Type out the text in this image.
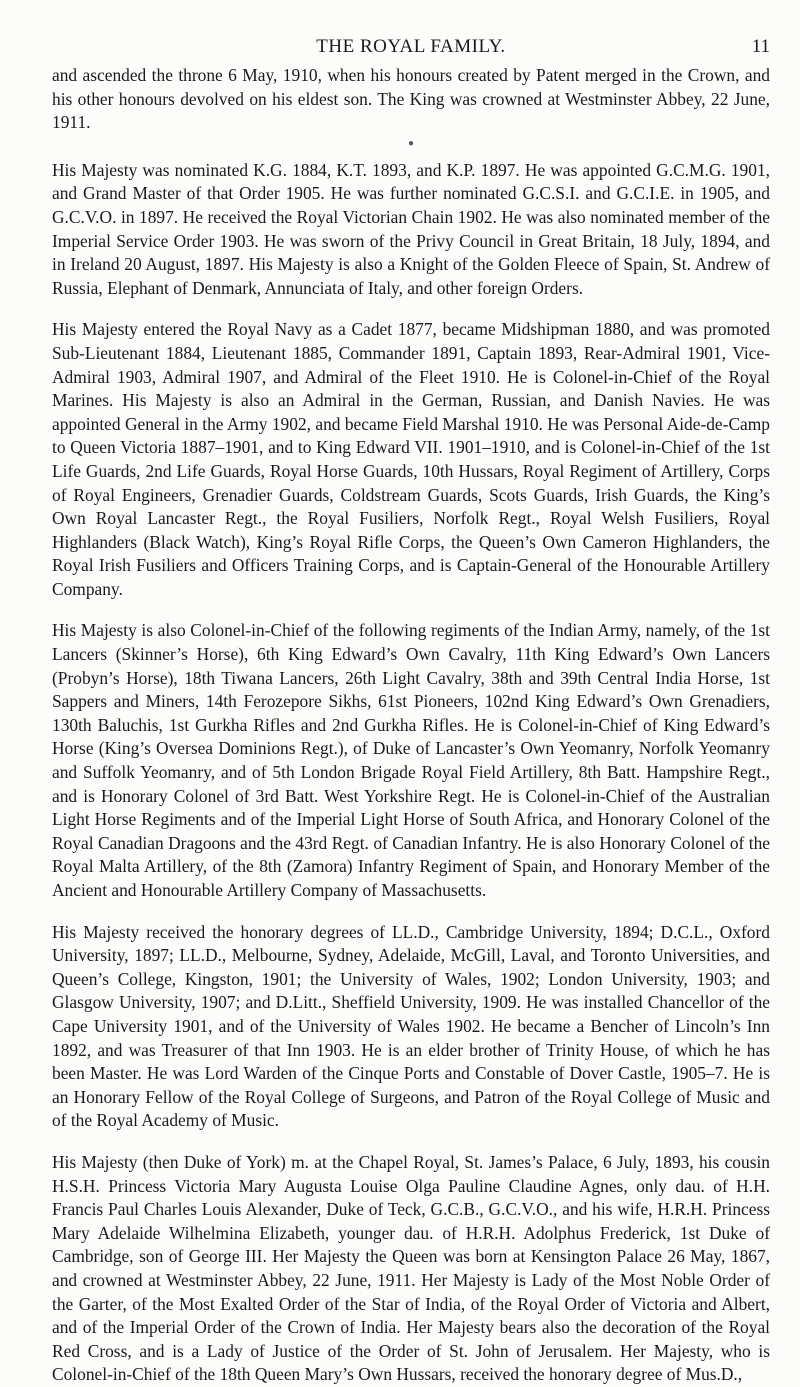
THE ROYAL FAMILY.	11

and ascended the throne 6 May, 1910, when his honours created by Patent merged in the Crown, and his other honours devolved on his eldest son. The King was crowned at Westminster Abbey, 22 June, 1911.

●

His Majesty was nominated K.G. 1884, K.T. 1893, and K.P. 1897. He was appointed G.C.M.G. 1901, and Grand Master of that Order 1905. He was further nominated G.C.S.I. and G.C.I.E. in 1905, and G.C.V.O. in 1897. He received the Royal Victorian Chain 1902. He was also nominated member of the Imperial Service Order 1903. He was sworn of the Privy Council in Great Britain, 18 July, 1894, and in Ireland 20 August, 1897. His Majesty is also a Knight of the Golden Fleece of Spain, St. Andrew of Russia, Elephant of Denmark, Annunciata of Italy, and other foreign Orders.

His Majesty entered the Royal Navy as a Cadet 1877, became Midshipman 1880, and was promoted Sub-Lieutenant 1884, Lieutenant 1885, Commander 1891, Captain 1893, Rear-Admiral 1901, Vice-Admiral 1903, Admiral 1907, and Admiral of the Fleet 1910. He is Colonel-in-Chief of the Royal Marines. His Majesty is also an Admiral in the German, Russian, and Danish Navies. He was appointed General in the Army 1902, and became Field Marshal 1910. He was Personal Aide-de-Camp to Queen Victoria 1887–1901, and to King Edward VII. 1901–1910, and is Colonel-in-Chief of the 1st Life Guards, 2nd Life Guards, Royal Horse Guards, 10th Hussars, Royal Regiment of Artillery, Corps of Royal Engineers, Grenadier Guards, Coldstream Guards, Scots Guards, Irish Guards, the King’s Own Royal Lancaster Regt., the Royal Fusiliers, Norfolk Regt., Royal Welsh Fusiliers, Royal Highlanders (Black Watch), King’s Royal Rifle Corps, the Queen’s Own Cameron Highlanders, the Royal Irish Fusiliers and Officers Training Corps, and is Captain-General of the Honourable Artillery Company.

His Majesty is also Colonel-in-Chief of the following regiments of the Indian Army, namely, of the 1st Lancers (Skinner’s Horse), 6th King Edward’s Own Cavalry, 11th King Edward’s Own Lancers (Probyn’s Horse), 18th Tiwana Lancers, 26th Light Cavalry, 38th and 39th Central India Horse, 1st Sappers and Miners, 14th Ferozepore Sikhs, 61st Pioneers, 102nd King Edward’s Own Grenadiers, 130th Baluchis, 1st Gurkha Rifles and 2nd Gurkha Rifles. He is Colonel-in-Chief of King Edward’s Horse (King’s Oversea Dominions Regt.), of Duke of Lancaster’s Own Yeomanry, Norfolk Yeomanry and Suffolk Yeomanry, and of 5th London Brigade Royal Field Artillery, 8th Batt. Hampshire Regt., and is Honorary Colonel of 3rd Batt. West Yorkshire Regt. He is Colonel-in-Chief of the Australian Light Horse Regiments and of the Imperial Light Horse of South Africa, and Honorary Colonel of the Royal Canadian Dragoons and the 43rd Regt. of Canadian Infantry. He is also Honorary Colonel of the Royal Malta Artillery, of the 8th (Zamora) Infantry Regiment of Spain, and Honorary Member of the Ancient and Honourable Artillery Company of Massachusetts.

His Majesty received the honorary degrees of LL.D., Cambridge University, 1894; D.C.L., Oxford University, 1897; LL.D., Melbourne, Sydney, Adelaide, McGill, Laval, and Toronto Universities, and Queen’s College, Kingston, 1901; the University of Wales, 1902; London University, 1903; and Glasgow University, 1907; and D.Litt., Sheffield University, 1909. He was installed Chancellor of the Cape University 1901, and of the University of Wales 1902. He became a Bencher of Lincoln’s Inn 1892, and was Treasurer of that Inn 1903. He is an elder brother of Trinity House, of which he has been Master. He was Lord Warden of the Cinque Ports and Constable of Dover Castle, 1905–7. He is an Honorary Fellow of the Royal College of Surgeons, and Patron of the Royal College of Music and of the Royal Academy of Music.

His Majesty (then Duke of York) m. at the Chapel Royal, St. James’s Palace, 6 July, 1893, his cousin H.S.H. Princess Victoria Mary Augusta Louise Olga Pauline Claudine Agnes, only dau. of H.H. Francis Paul Charles Louis Alexander, Duke of Teck, G.C.B., G.C.V.O., and his wife, H.R.H. Princess Mary Adelaide Wilhelmina Elizabeth, younger dau. of H.R.H. Adolphus Frederick, 1st Duke of Cambridge, son of George III. Her Majesty the Queen was born at Kensington Palace 26 May, 1867, and crowned at Westminster Abbey, 22 June, 1911. Her Majesty is Lady of the Most Noble Order of the Garter, of the Most Exalted Order of the Star of India, of the Royal Order of Victoria and Albert, and of the Imperial Order of the Crown of India. Her Majesty bears also the decoration of the Royal Red Cross, and is a Lady of Justice of the Order of St. John of Jerusalem. Her Majesty, who is Colonel-in-Chief of the 18th Queen Mary’s Own Hussars, received the honorary degree of Mus.D.,
